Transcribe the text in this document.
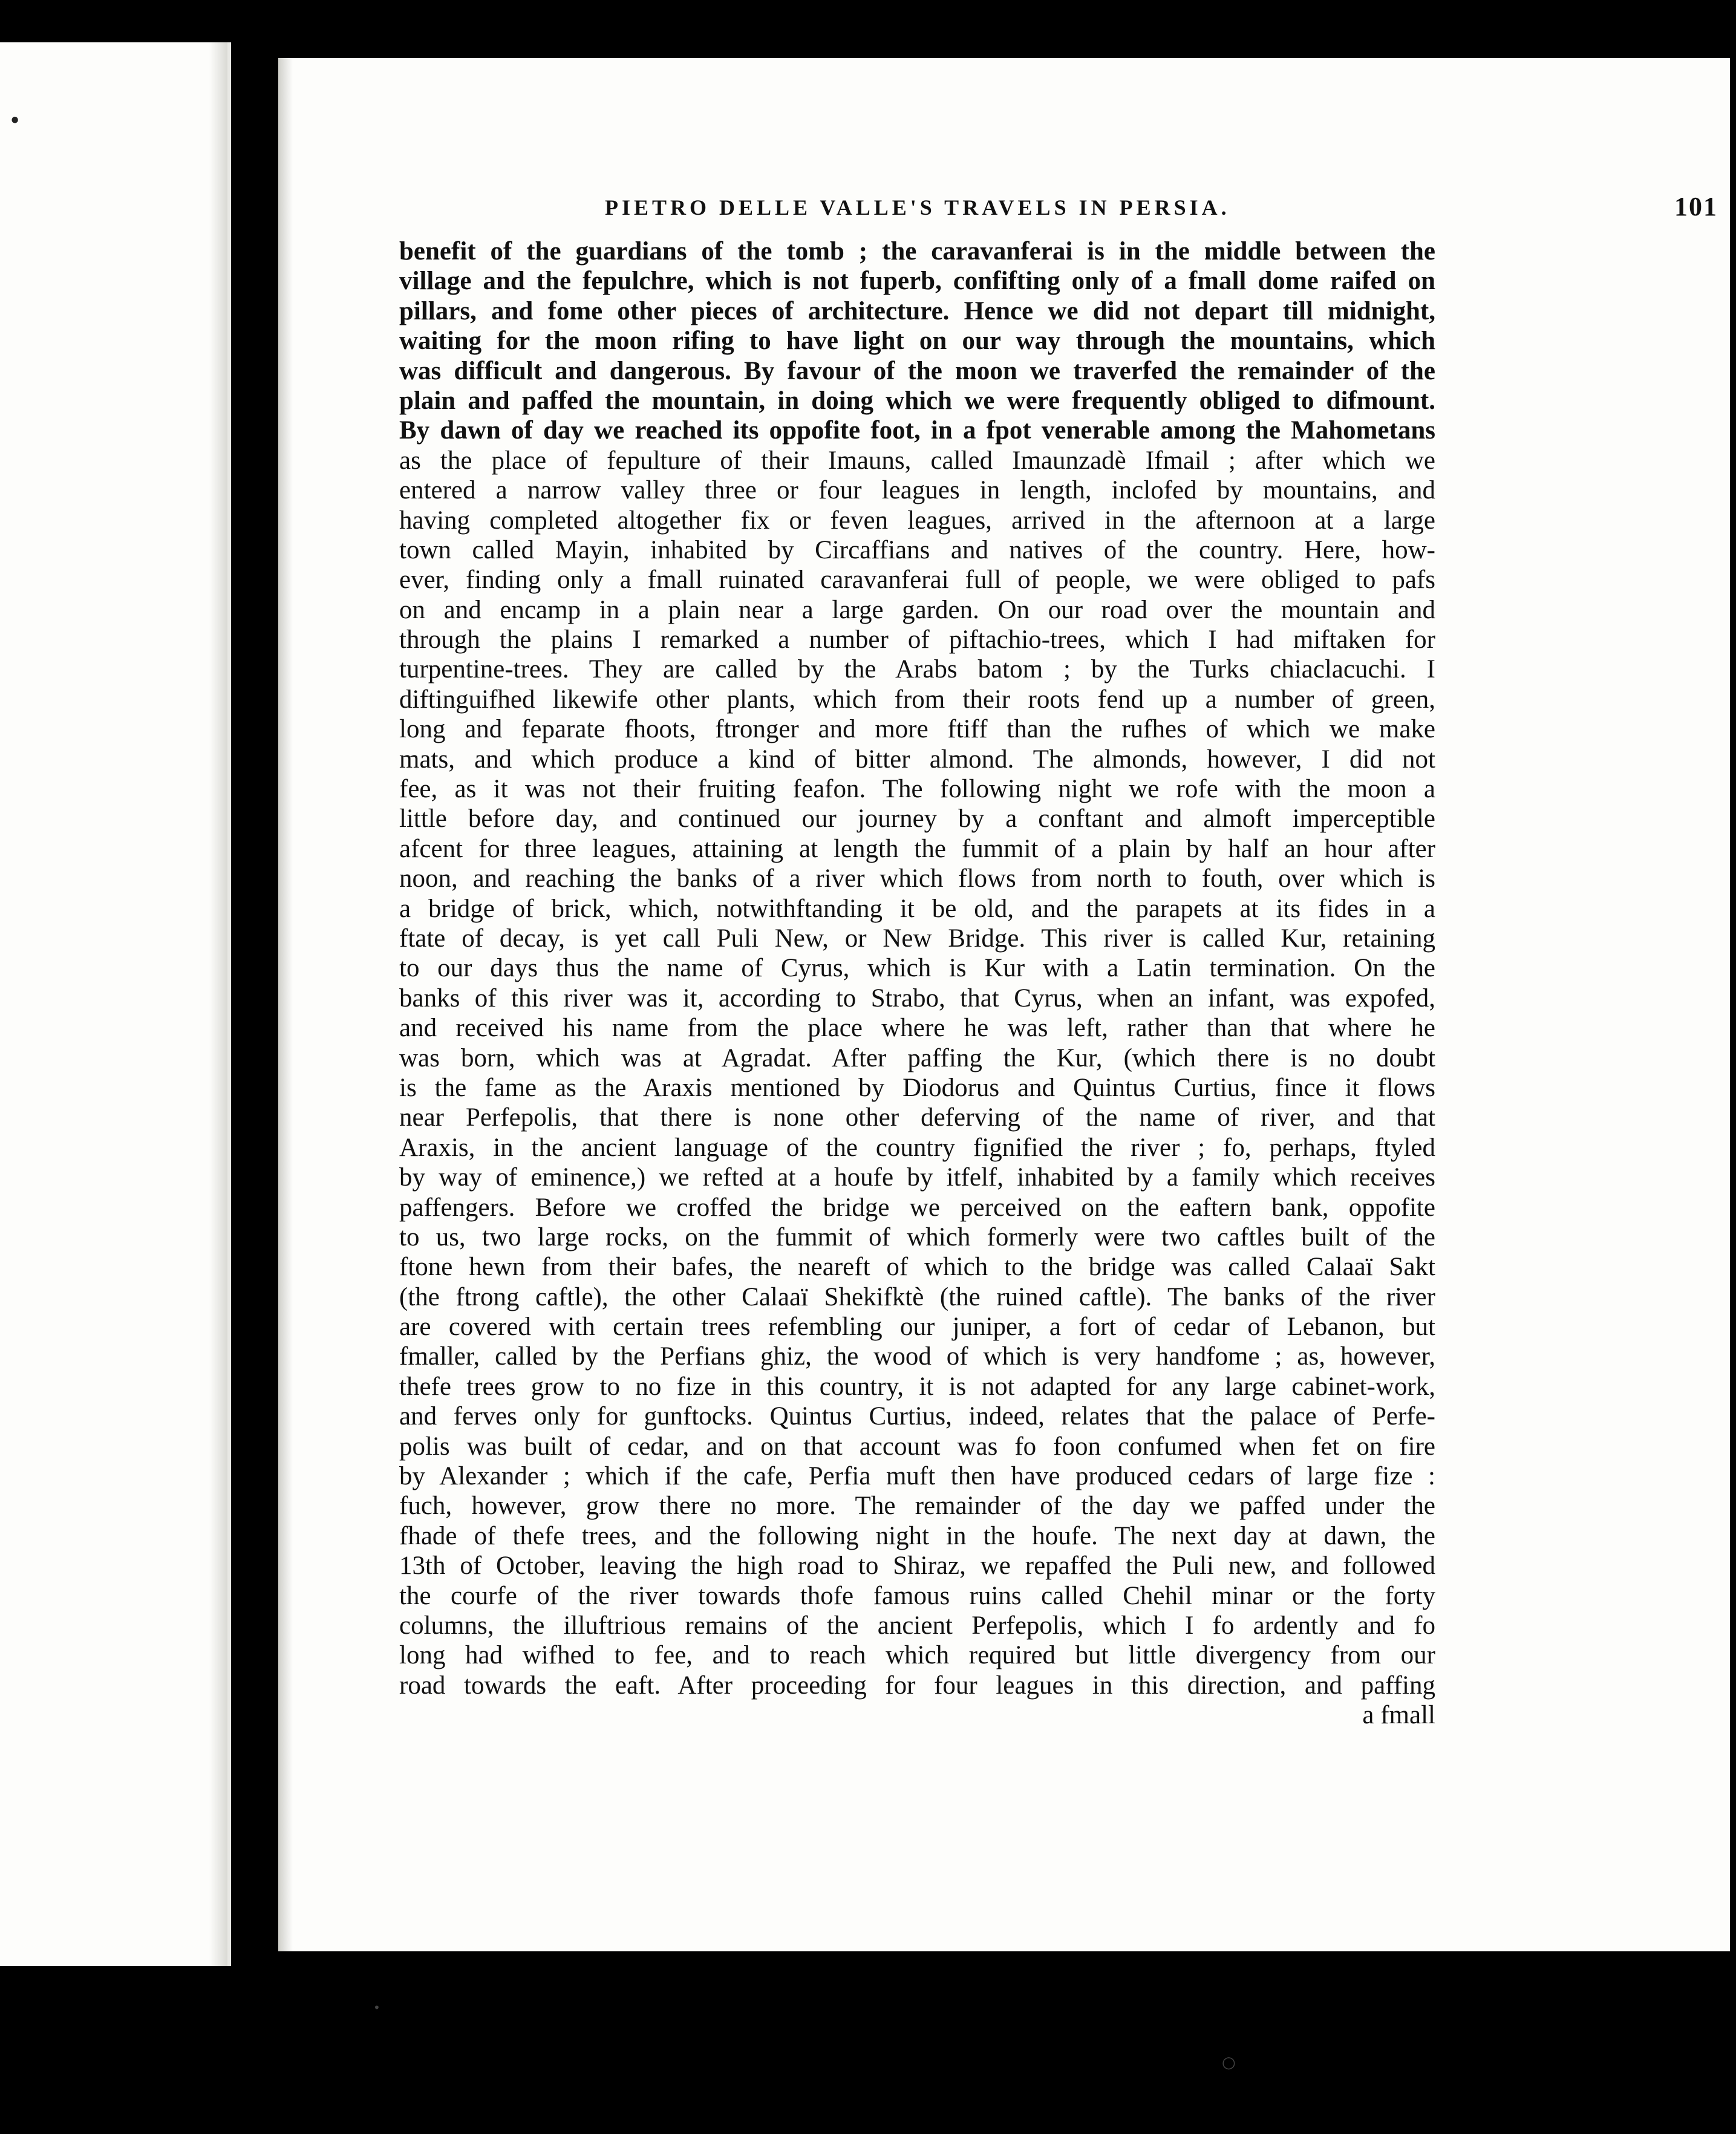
•
PIETRO DELLE VALLE'S TRAVELS IN PERSIA.	101
benefit of the guardians of the tomb ; the caravanferai is in the middle between the
village and the fepulchre, which is not fuperb, confifting only of a fmall dome raifed on
pillars, and fome other pieces of architecture. Hence we did not depart till midnight,
waiting for the moon rifing to have light on our way through the mountains, which
was difficult and dangerous. By favour of the moon we traverfed the remainder of the
plain and paffed the mountain, in doing which we were frequently obliged to difmount.
By dawn of day we reached its oppofite foot, in a fpot venerable among the Mahometans
as the place of fepulture of their Imauns, called Imaunzadè Ifmail ; after which we
entered a narrow valley three or four leagues in length, inclofed by mountains, and
having completed altogether fix or feven leagues, arrived in the afternoon at a large
town called Mayin, inhabited by Circaffians and natives of the country. Here, how-
ever, finding only a fmall ruinated caravanferai full of people, we were obliged to pafs
on and encamp in a plain near a large garden. On our road over the mountain and
through the plains I remarked a number of piftachio-trees, which I had miftaken for
turpentine-trees. They are called by the Arabs batom ; by the Turks chiaclacuchi. I
diftinguifhed likewife other plants, which from their roots fend up a number of green,
long and feparate fhoots, ftronger and more ftiff than the rufhes of which we make
mats, and which produce a kind of bitter almond. The almonds, however, I did not
fee, as it was not their fruiting feafon. The following night we rofe with the moon a
little before day, and continued our journey by a conftant and almoft imperceptible
afcent for three leagues, attaining at length the fummit of a plain by half an hour after
noon, and reaching the banks of a river which flows from north to fouth, over which is
a bridge of brick, which, notwithftanding it be old, and the parapets at its fides in a
ftate of decay, is yet call Puli New, or New Bridge. This river is called Kur, retaining
to our days thus the name of Cyrus, which is Kur with a Latin termination. On the
banks of this river was it, according to Strabo, that Cyrus, when an infant, was expofed,
and received his name from the place where he was left, rather than that where he
was born, which was at Agradat. After paffing the Kur, (which there is no doubt
is the fame as the Araxis mentioned by Diodorus and Quintus Curtius, fince it flows
near Perfepolis, that there is none other deferving of the name of river, and that
Araxis, in the ancient language of the country fignified the river ; fo, perhaps, ftyled
by way of eminence,) we refted at a houfe by itfelf, inhabited by a family which receives
paffengers. Before we croffed the bridge we perceived on the eaftern bank, oppofite
to us, two large rocks, on the fummit of which formerly were two caftles built of the
ftone hewn from their bafes, the neareft of which to the bridge was called Calaaï Sakt
(the ftrong caftle), the other Calaaï Shekifktè (the ruined caftle). The banks of the river
are covered with certain trees refembling our juniper, a fort of cedar of Lebanon, but
fmaller, called by the Perfians ghiz, the wood of which is very handfome ; as, however,
thefe trees grow to no fize in this country, it is not adapted for any large cabinet-work,
and ferves only for gunftocks. Quintus Curtius, indeed, relates that the palace of Perfe-
polis was built of cedar, and on that account was fo foon confumed when fet on fire
by Alexander ; which if the cafe, Perfia muft then have produced cedars of large fize :
fuch, however, grow there no more. The remainder of the day we paffed under the
fhade of thefe trees, and the following night in the houfe. The next day at dawn, the
13th of October, leaving the high road to Shiraz, we repaffed the Puli new, and followed
the courfe of the river towards thofe famous ruins called Chehil minar or the forty
columns, the illuftrious remains of the ancient Perfepolis, which I fo ardently and fo
long had wifhed to fee, and to reach which required but little divergency from our
road towards the eaft. After proceeding for four leagues in this direction, and paffing
a fmall
•
○
